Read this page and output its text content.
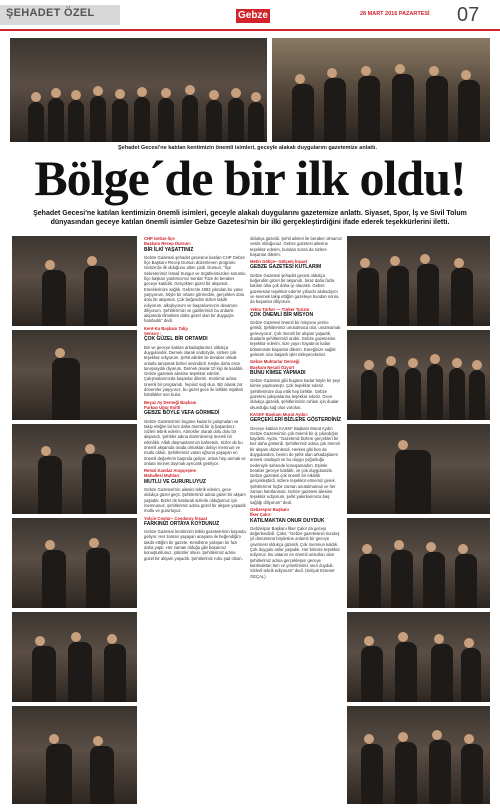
ŞEHADET ÖZEL	Gebze	28 MART 2016 PAZARTESİ 07
Şehadet Gecesi'ne katılan kentimizin önemli isimleri, geceyle alakalı duygularını gazetemize anlattı.
Bölge´de bir ilk oldu!
Şehadet Gecesi'ne katılan kentimizin önemli isimleri, geceyle alakalı duygularını gazetemize anlattı. Siyaset, Spor, İş ve Sivil Tolum dünyasından geceye katılan önemli isimler Gebze Gazetesi'nin bir ilki gerçekleştirdiğini ifade ederek teşekkürlerini iletti.

CHP Gebze İlçe
Başkanı Recep Dursun:
BİR İLKİ YAŞATTINIZ

Gebze Gazetesi şehadet gecesine katılan CHP Gebze İlçe Başkanı Recep Dursun düzenlenen programı Gebze'de ilk olduğunu altını çizdi. Dursun; "İlçe Sekreterimiz İsmail Sungur ve örgütlerimizden sorumlu İlçe başkan yardımcımız Serdar Tüze ile beraber geceye katıldık. Gerçekten güzel bir akşamdı. Emeklerinize sağlık. Gebze'de 1982 yılından bu yana yaşıyorum, böyle bir ortamı görmedim, gerçekten dolu dolu bir akşamdı. Çok beğendim sizleri takdir ediyorum, alkışlıyorum ve başarılarınızın devamını diliyorum. Şehitlerimizi ve gazilerimizi bu anlamlı akşamda ölmekten daha güzel olan bir duyguyla hatırladık" dedi.

Kent-Ka Başkanı Talip
Şensoy :
ÇOK GÜZEL BİR ORTAMDI

Biri ve geceye katılan arkadaşlarımız oldukça duygulandık. Dernek olarak ondüzyde, sizlere çok teşekkür ediyorum. Şehit aileleri ile beraber olmak onlarla tanışmak bizleri sevindirdi. Keşke daha önce tanışsaydık diyorum. Dernek olarak 10 kişi ile katıldık. Gebze gazetesi ailesine teşekkür ederim. Çalışmalarınızda başarılar dilerim. Kentimiz adına önemli bir programdı, hepiniz sağ olun. Biz olarak zor dönemler yaşıyoruz, bu güzel gece ile birlikte inşallah kötülükler son bulur.

Beyaz Ay Derneği Başkanı
Furkan Uğur Eşitti
GEBZE BÖYLE VEFA GÖRMEDİ

Gebze Gazetesi'nin bugüne kadar ki çalışmaları ve takip ettiğim bir kez daha önemli bir iş başardınız. Sizleri tebrik ederim. Atmosfer olarak dolu dolu bir akşamdı. Şehitler adına düzenlenmiş önemli bir etkinlikti. Allah düşmanlarımızı kahretsin. Sizler de bu önemli akşamda orada olmaktan dolayı memnun ve mutlu olduk. Şehitlerimiz vatan uğruna yaşayan en önemli değerlerin başında geliyor, onları hep anmak ve onlara minnet duymak ayrıcalık getiriyor.

Remzi Kandaz Arapçeşme
Mahallesi Muhtarı:
MUTLU VE GURURLUYUZ

Gebze Gazetesi'nin ailesini tebrik ederim, gece oldukça güzel geçti. Şehitlerimiz adına güzel bir akşam yaşadık. Bizler de katılarak sizlerle olduğumuz için memnunuz, şehitlerimiz adına güzel bir akşam yaşadık mutlu ve gururluyuz.

Yolçin Coştur– Coşduray İnşaat
FARKINIZI ORTAYA KOYDUNUZ

Gebze Gazetesi kentimizin köklü gazetelerinin başında geliyor. Her zaman yaşayan anayasa ile beğendiğim takdir ettiğim bir gazete. Kendisine yakışan bir fazi daha yaptı. Her zaman olduğu gibi başarınız konuşturdunuz, şükürler olsun. Şehitlerimiz adına güzel bir akşam yaşadık. Şehitlerimiz ruhu şad olsun.

oldukça güzeldi. Şehit aileleri ile beraber olmamız vesile olduğunuz. Gebze gazetesi ailesine teşekkür ederim, bundan sonra da sizlere başarılar dilerim.

Metin Gökçe– Gölçem İnşaat
GEBZE GAZETESİ KUTLARIM

Gebze Gazetesi şehadet gecesi oldukça beğendim güzel bir akşamdı, biraz daha fazla katılım olsa çok daha iyi olacaktı. Gebze gazetesine teşekkür ederim yıllardır akıbadıyım ve sevmek takip ettiğim gazeteye bundan sonra da başarılar diliyorum.

Yekta Türker — Türker Turizm
ÇOK ÖNEMLİ BİR MİSYON

Gebze Gazetesi önemli bir misyonu yerine getirdi. Şehitlerimiz unutulmaca olur, unutmamak gereviyoruz. Çok önemli bir akşam yaşadık, dualarla şehitlerimizi andık. Gebze gazetesine teşekkür ederim, size yayın hayatının kalan bölümünde başarılar dilerim. Emeğinize sağlık gelecek nice başarılı işler ekleyeceksiniz.

Gebze Muhtarlar Derneği
Başkanı Necati Özyurt
BUNU KİMSE YAPMADI

Gebze Gazetesi gibi bugüne kadar böyle bir şeyi kimse yapmamıştı. Çok teşekkür ederiz. Şehitlerimize dua ettik hep birlikte. Gebze gazetesi çalışanlarına teşekkür ederiz. Gece oldukça güzeldi, şehitlerimizin ruhları için dualar okunduğu sağ olun varolun.

KASKF Başkanı Murat Aydın:
GERÇEKLERİ BİZLERE GÖSTERDİNİZ

Geceye katılan KASKF Başkanı Murat Aydın Gebze Gazetesi'nin çok önemli bir iş çıkardığını kaydetti. Aydın, "Gazeteniz bizlere gerçekleri bir kez daha gösterdi. Şehitlerimiz adına çok önemli bir akşam düzenlendi. Herkes gibi ben de duygulandım, benim de şehit olan arkadaşlarım annesi oradaydı ve bu duygu yoğunluğu nedeniyle sahnede konuşamadım. Eşimle beraber geceye katıldık, ve çok duygulandık. Gebze gazetesi çok önemli bir etkinlik gerçekleştirdi, sizlere teşekkür etmemiz gerek. Şehitlerimiz hiçbir zaman unutulmamalı ve her zaman hatırlanmalı. Gebze gazetesi ailesine teşekkür ediyorum, şehit yakınlarımıza baş sağlığı diliyorum" dedi.

Gebzespor Başkanı
İlker Çakır:
KATILMAKTAN ONUR DUYDUK

Gebzespor Başkanı İlker Çakır da geceyi değerlendirdi. Çakır, "Gebze gazetesinin kuruluş yıl dönümünü böylesine anlamlı bir geceye çevirmesi oldukça güzeldi. Çok memnun kaldık. Çok duygulu anlar yaşadık. Her birinize teşekkür ediyoruz. Bu vatanın en önemli unsurları olan şehitlerimiz adına gerçekleşen geceye katılmaktan ben ve yönetimimiz onur duyduk. Sizlerli tebrik ediyorum" dedi. (Selçuk Ersener GEÇAL)
